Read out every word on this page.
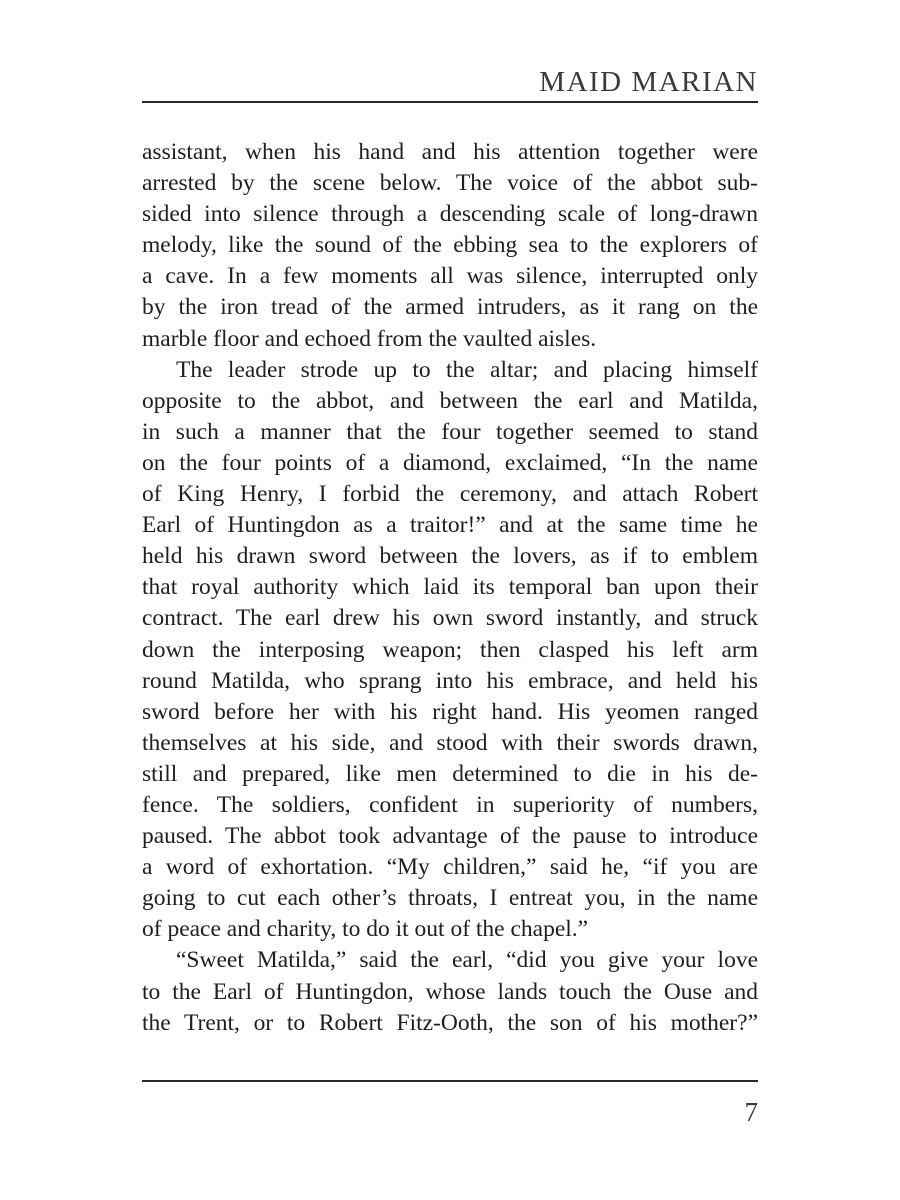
MAID MARIAN
assistant, when his hand and his attention together were
arrested by the scene below. The voice of the abbot sub-
sided into silence through a descending scale of long-drawn
melody, like the sound of the ebbing sea to the explorers of
a cave. In a few moments all was silence, interrupted only
by the iron tread of the armed intruders, as it rang on the
marble floor and echoed from the vaulted aisles.
The leader strode up to the altar; and placing himself
opposite to the abbot, and between the earl and Matilda,
in such a manner that the four together seemed to stand
on the four points of a diamond, exclaimed, “In the name
of King Henry, I forbid the ceremony, and attach Robert
Earl of Huntingdon as a traitor!” and at the same time he
held his drawn sword between the lovers, as if to emblem
that royal authority which laid its temporal ban upon their
contract. The earl drew his own sword instantly, and struck
down the interposing weapon; then clasped his left arm
round Matilda, who sprang into his embrace, and held his
sword before her with his right hand. His yeomen ranged
themselves at his side, and stood with their swords drawn,
still and prepared, like men determined to die in his de-
fence. The soldiers, confident in superiority of numbers,
paused. The abbot took advantage of the pause to introduce
a word of exhortation. “My children,” said he, “if you are
going to cut each other’s throats, I entreat you, in the name
of peace and charity, to do it out of the chapel.”
“Sweet Matilda,” said the earl, “did you give your love
to the Earl of Huntingdon, whose lands touch the Ouse and
the Trent, or to Robert Fitz-Ooth, the son of his mother?”
7
